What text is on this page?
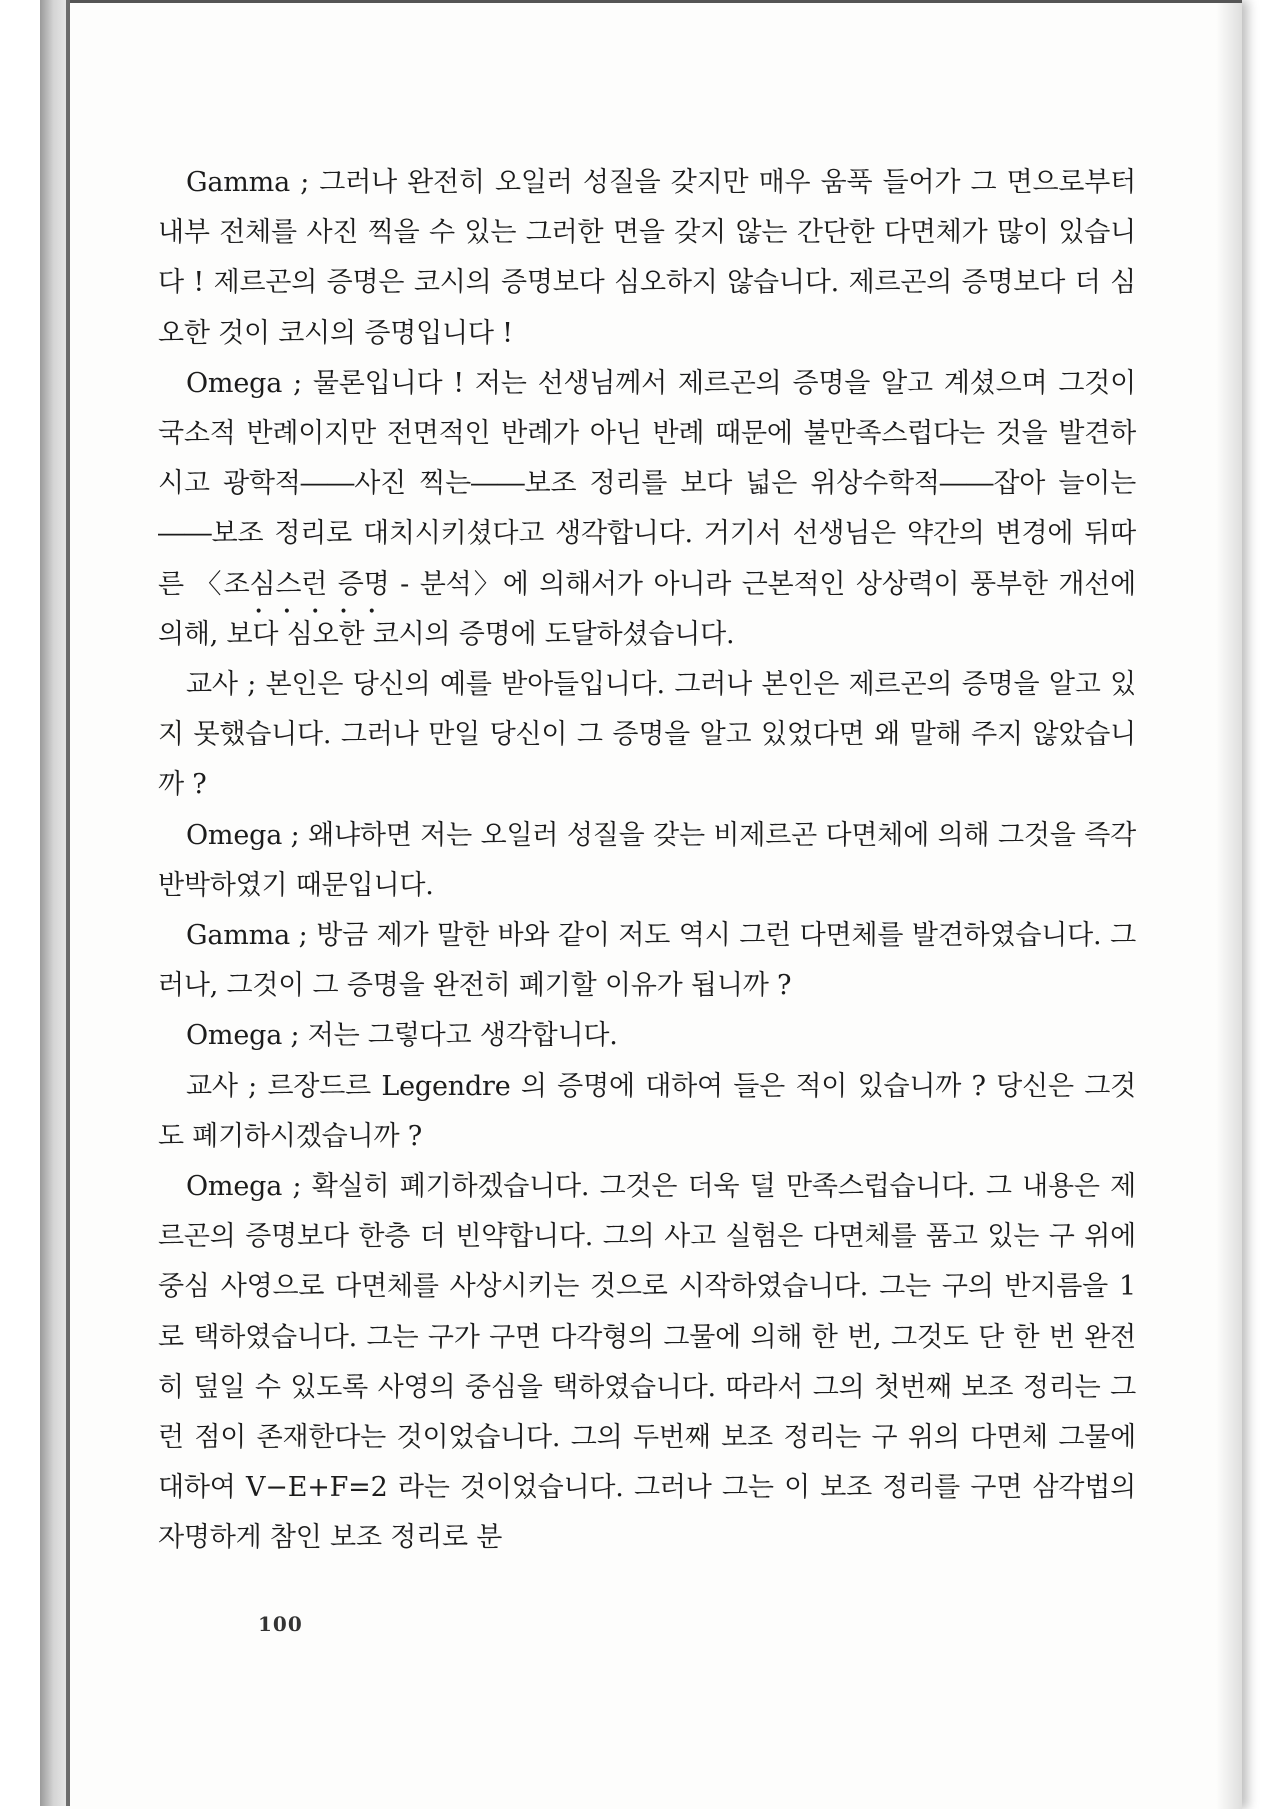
Gamma ; 그러나 완전히 오일러 성질을 갖지만 매우 움푹 들어가 그 면으로부터 내부 전체를 사진 찍을 수 있는 그러한 면을 갖지 않는 간단한 다면체가 많이 있습니다 ! 제르곤의 증명은 코시의 증명보다 심오하지 않습니다. 제르곤의 증명보다 더 심오한 것이 코시의 증명입니다 !

Omega ; 물론입니다 ! 저는 선생님께서 제르곤의 증명을 알고 계셨으며 그것이 국소적 반례이지만 전면적인 반례가 아닌 반례 때문에 불만족스럽다는 것을 발견하시고 광학적――사진 찍는――보조 정리를 보다 넓은 위상수학적――잡아 늘이는――보조 정리로 대치시키셨다고 생각합니다. 거기서 선생님은 약간의 변경에 뒤따른 〈조심스런 증명 - 분석〉에 의해서가 아니라 근본적인 상상력이 풍부한 개선에 의해,
•••••
보다 심오한 코시의 증명에 도달하셨습니다.

교사 ; 본인은 당신의 예를 받아들입니다. 그러나 본인은 제르곤의 증명을 알고 있지 못했습니다. 그러나 만일 당신이 그 증명을 알고 있었다면 왜 말해 주지 않았습니까 ?

Omega ; 왜냐하면 저는 오일러 성질을 갖는 비제르곤 다면체에 의해 그것을 즉각 반박하였기 때문입니다.

Gamma ; 방금 제가 말한 바와 같이 저도 역시 그런 다면체를 발견하였습니다. 그러나, 그것이 그 증명을 완전히 폐기할 이유가 됩니까 ?

Omega ; 저는 그렇다고 생각합니다.

교사 ; 르장드르 Legendre 의 증명에 대하여 들은 적이 있습니까 ? 당신은 그것도 폐기하시겠습니까 ?

Omega ; 확실히 폐기하겠습니다. 그것은 더욱 덜 만족스럽습니다. 그 내용은 제르곤의 증명보다 한층 더 빈약합니다. 그의 사고 실험은 다면체를 품고 있는 구 위에 중심 사영으로 다면체를 사상시키는 것으로 시작하였습니다. 그는 구의 반지름을 1 로 택하였습니다. 그는 구가 구면 다각형의 그물에 의해 한 번, 그것도 단 한 번 완전히 덮일 수 있도록 사영의 중심을 택하였습니다. 따라서 그의 첫번째 보조 정리는 그런 점이 존재한다는 것이었습니다. 그의 두번째 보조 정리는 구 위의 다면체 그물에 대하여 V−E+F=2 라는 것이었습니다. 그러나 그는 이 보조 정리를 구면 삼각법의 자명하게 참인 보조 정리로 분

100
